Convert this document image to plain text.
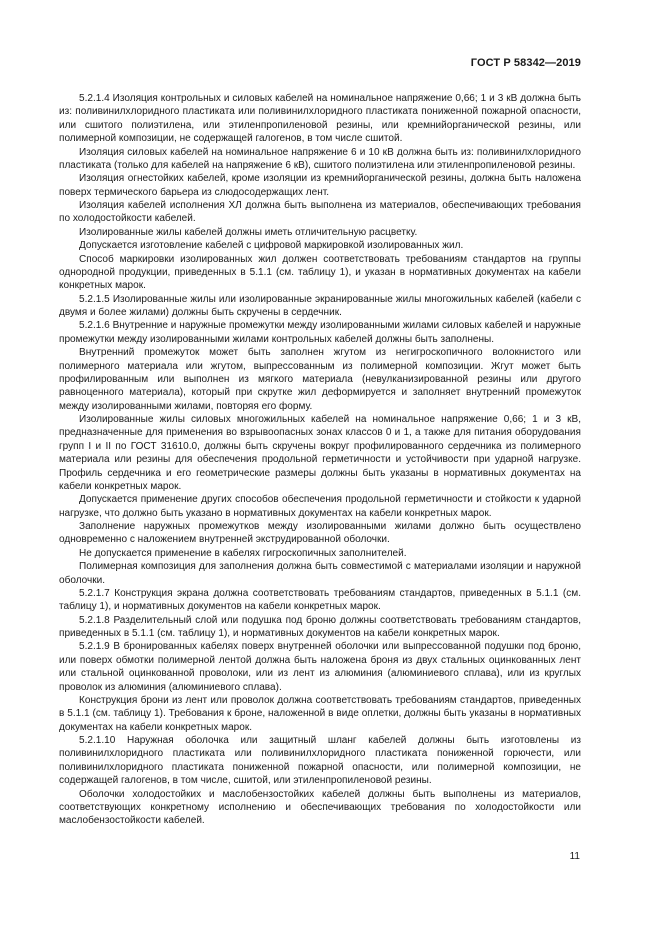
ГОСТ Р 58342—2019

5.2.1.4 Изоляция контрольных и силовых кабелей на номинальное напряжение 0,66; 1 и 3 кВ должна быть из: поливинилхлоридного пластиката или поливинилхлоридного пластиката пониженной пожарной опасности, или сшитого полиэтилена, или этиленпропиленовой резины, или кремнийорганической резины, или полимерной композиции, не содержащей галогенов, в том числе сшитой.

Изоляция силовых кабелей на номинальное напряжение 6 и 10 кВ должна быть из: поливинилхлоридного пластиката (только для кабелей на напряжение 6 кВ), сшитого полиэтилена или этиленпропиленовой резины.

Изоляция огнестойких кабелей, кроме изоляции из кремнийорганической резины, должна быть наложена поверх термического барьера из слюдосодержащих лент.

Изоляция кабелей исполнения ХЛ должна быть выполнена из материалов, обеспечивающих требования по холодостойкости кабелей.

Изолированные жилы кабелей должны иметь отличительную расцветку.

Допускается изготовление кабелей с цифровой маркировкой изолированных жил.

Способ маркировки изолированных жил должен соответствовать требованиям стандартов на группы однородной продукции, приведенных в 5.1.1 (см. таблицу 1), и указан в нормативных документах на кабели конкретных марок.

5.2.1.5 Изолированные жилы или изолированные экранированные жилы многожильных кабелей (кабели с двумя и более жилами) должны быть скручены в сердечник.

5.2.1.6 Внутренние и наружные промежутки между изолированными жилами силовых кабелей и наружные промежутки между изолированными жилами контрольных кабелей должны быть заполнены.

Внутренний промежуток может быть заполнен жгутом из негигроскопичного волокнистого или полимерного материала или жгутом, выпрессованным из полимерной композиции. Жгут может быть профилированным или выполнен из мягкого материала (невулканизированной резины или другого равноценного материала), который при скрутке жил деформируется и заполняет внутренний промежуток между изолированными жилами, повторяя его форму.

Изолированные жилы силовых многожильных кабелей на номинальное напряжение 0,66; 1 и 3 кВ, предназначенные для применения во взрывоопасных зонах классов 0 и 1, а также для питания оборудования групп I и II по ГОСТ 31610.0, должны быть скручены вокруг профилированного сердечника из полимерного материала или резины для обеспечения продольной герметичности и устойчивости при ударной нагрузке. Профиль сердечника и его геометрические размеры должны быть указаны в нормативных документах на кабели конкретных марок.

Допускается применение других способов обеспечения продольной герметичности и стойкости к ударной нагрузке, что должно быть указано в нормативных документах на кабели конкретных марок.

Заполнение наружных промежутков между изолированными жилами должно быть осуществлено одновременно с наложением внутренней экструдированной оболочки.

Не допускается применение в кабелях гигроскопичных заполнителей.

Полимерная композиция для заполнения должна быть совместимой с материалами изоляции и наружной оболочки.

5.2.1.7 Конструкция экрана должна соответствовать требованиям стандартов, приведенных в 5.1.1 (см. таблицу 1), и нормативных документов на кабели конкретных марок.

5.2.1.8 Разделительный слой или подушка под броню должны соответствовать требованиям стандартов, приведенных в 5.1.1 (см. таблицу 1), и нормативных документов на кабели конкретных марок.

5.2.1.9 В бронированных кабелях поверх внутренней оболочки или выпрессованной подушки под броню, или поверх обмотки полимерной лентой должна быть наложена броня из двух стальных оцинкованных лент или стальной оцинкованной проволоки, или из лент из алюминия (алюминиевого сплава), или из круглых проволок из алюминия (алюминиевого сплава).

Конструкция брони из лент или проволок должна соответствовать требованиям стандартов, приведенных в 5.1.1 (см. таблицу 1). Требования к броне, наложенной в виде оплетки, должны быть указаны в нормативных документах на кабели конкретных марок.

5.2.1.10 Наружная оболочка или защитный шланг кабелей должны быть изготовлены из поливинилхлоридного пластиката или поливинилхлоридного пластиката пониженной горючести, или поливинилхлоридного пластиката пониженной пожарной опасности, или полимерной композиции, не содержащей галогенов, в том числе, сшитой, или этиленпропиленовой резины.

Оболочки холодостойких и маслобензостойких кабелей должны быть выполнены из материалов, соответствующих конкретному исполнению и обеспечивающих требования по холодостойкости или маслобензостойкости кабелей.

11
